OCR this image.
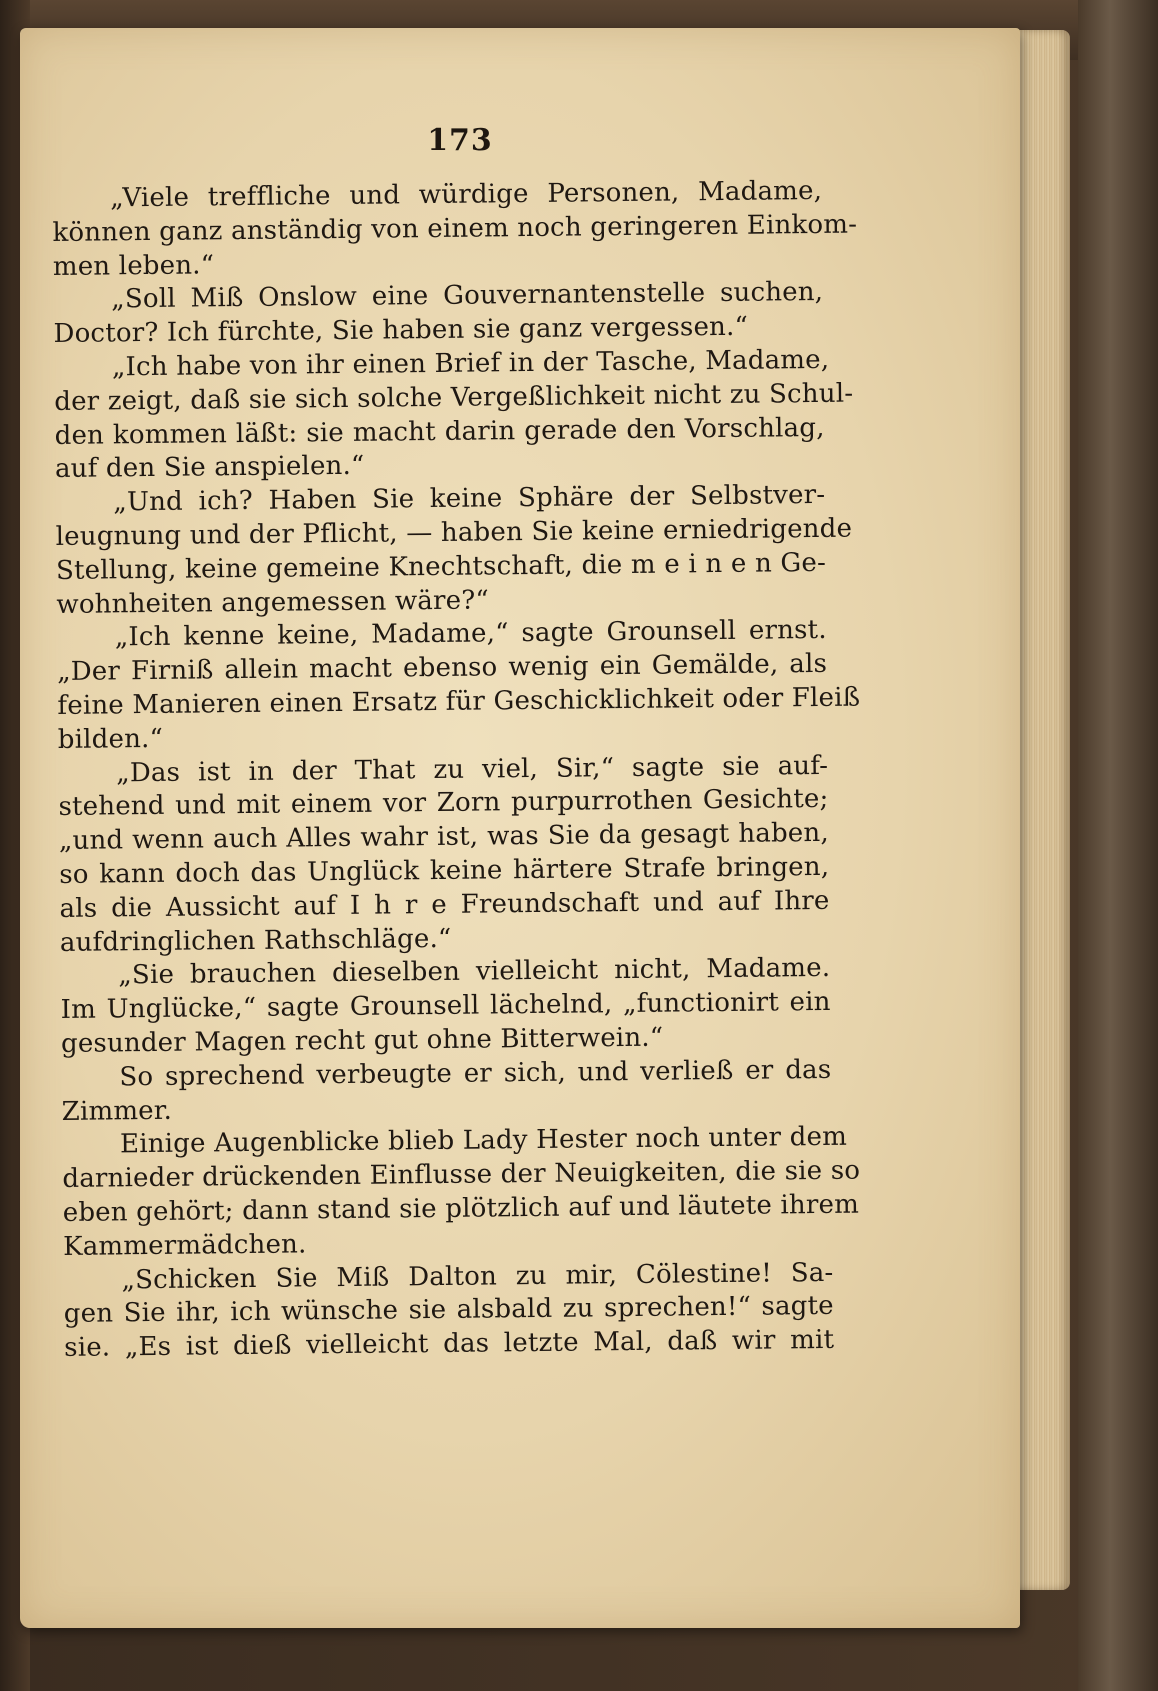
173
„Viele treffliche und würdige Personen, Madame,
können ganz anständig von einem noch geringeren Einkom-
men leben.“
„Soll Miß Onslow eine Gouvernantenstelle suchen,
Doctor? Ich fürchte, Sie haben sie ganz vergessen.“
„Ich habe von ihr einen Brief in der Tasche, Madame,
der zeigt, daß sie sich solche Vergeßlichkeit nicht zu Schul-
den kommen läßt: sie macht darin gerade den Vorschlag,
auf den Sie anspielen.“
„Und ich? Haben Sie keine Sphäre der Selbstver-
leugnung und der Pflicht, — haben Sie keine erniedrigende
Stellung, keine gemeine Knechtschaft, die m e i n e n Ge-
wohnheiten angemessen wäre?“
„Ich kenne keine, Madame,“ sagte Grounsell ernst.
„Der Firniß allein macht ebenso wenig ein Gemälde, als
feine Manieren einen Ersatz für Geschicklichkeit oder Fleiß
bilden.“
„Das ist in der That zu viel, Sir,“ sagte sie auf-
stehend und mit einem vor Zorn purpurrothen Gesichte;
„und wenn auch Alles wahr ist, was Sie da gesagt haben,
so kann doch das Unglück keine härtere Strafe bringen,
als die Aussicht auf I h r e Freundschaft und auf Ihre
aufdringlichen Rathschläge.“
„Sie brauchen dieselben vielleicht nicht, Madame.
Im Unglücke,“ sagte Grounsell lächelnd, „functionirt ein
gesunder Magen recht gut ohne Bitterwein.“
So sprechend verbeugte er sich, und verließ er das
Zimmer.
Einige Augenblicke blieb Lady Hester noch unter dem
darnieder drückenden Einflusse der Neuigkeiten, die sie so
eben gehört; dann stand sie plötzlich auf und läutete ihrem
Kammermädchen.
„Schicken Sie Miß Dalton zu mir, Cölestine! Sa-
gen Sie ihr, ich wünsche sie alsbald zu sprechen!“ sagte
sie. „Es ist dieß vielleicht das letzte Mal, daß wir mit
